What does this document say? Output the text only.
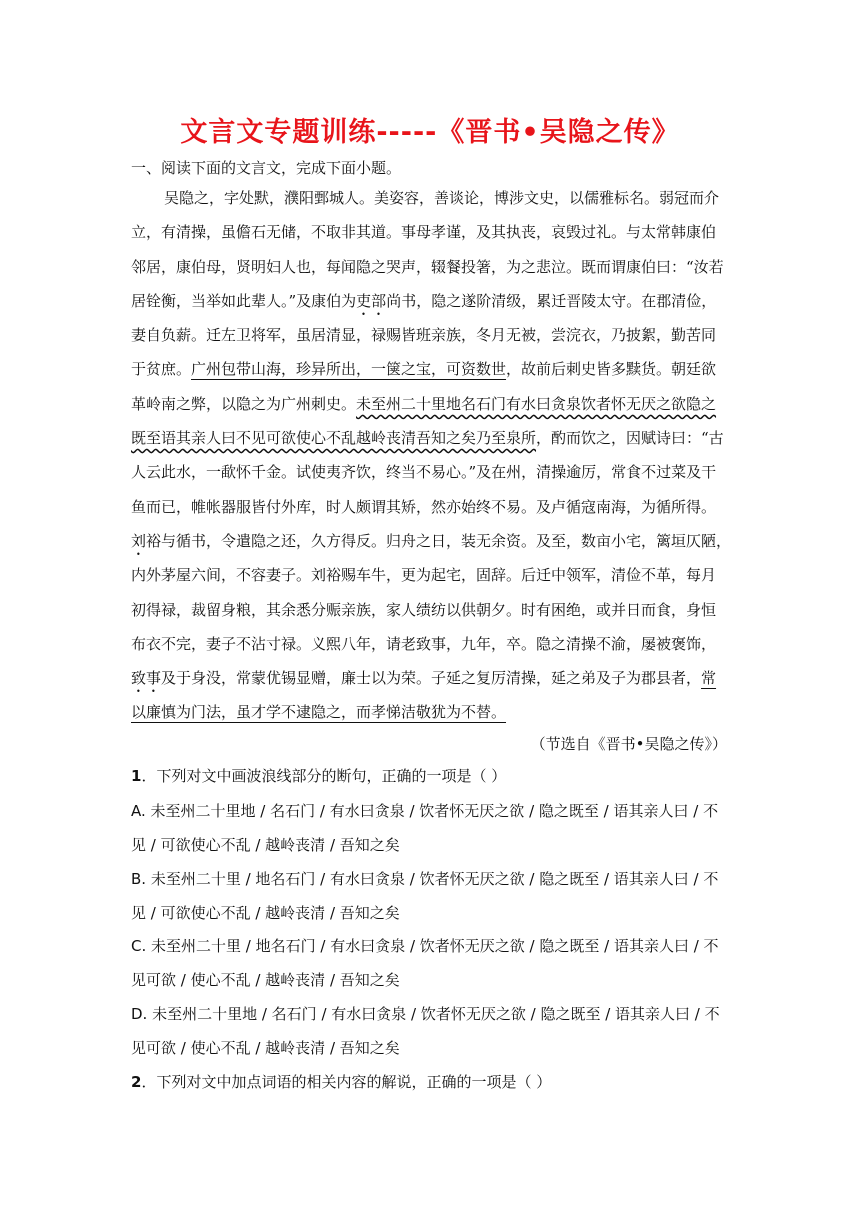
文言文专题训练-----《晋书•吴隐之传》
一、阅读下面的文言文，完成下面小题。
吴隐之，字处默，濮阳鄄城人。美姿容，善谈论，博涉文史，以儒雅标名。弱冠而介
立，有清操，虽儋石无储，不取非其道。事母孝谨，及其执丧，哀毁过礼。与太常韩康伯
邻居，康伯母，贤明妇人也，每闻隐之哭声，辍餐投箸，为之悲泣。既而谓康伯曰：“汝若
居铨衡，当举如此辈人。”及康伯为吏部尚书，隐之遂阶清级，累迁晋陵太守。在郡清俭，
妻自负薪。迁左卫将军，虽居清显，禄赐皆班亲族，冬月无被，尝浣衣，乃披絮，勤苦同
于贫庶。广州包带山海，珍异所出，一箧之宝，可资数世，故前后刺史皆多黩货。朝廷欲
革岭南之弊，以隐之为广州刺史。未至州二十里地名石门有水曰贪泉饮者怀无厌之欲隐之
既至语其亲人曰不见可欲使心不乱越岭丧清吾知之矣乃至泉所，酌而饮之，因赋诗曰：“古
人云此水，一歃怀千金。试使夷齐饮，终当不易心。”及在州，清操逾厉，常食不过菜及干
鱼而已，帷帐器服皆付外库，时人颇谓其矫，然亦始终不易。及卢循寇南海，为循所得。
刘裕与循书，令遣隐之还，久方得反。归舟之日，装无余资。及至，数亩小宅，篱垣仄陋，
内外茅屋六间，不容妻子。刘裕赐车牛，更为起宅，固辞。后迁中领军，清俭不革，每月
初得禄，裁留身粮，其余悉分赈亲族，家人绩纺以供朝夕。时有困绝，或并日而食，身恒
布衣不完，妻子不沾寸禄。义熙八年，请老致事，九年，卒。隐之清操不渝，屡被褒饰，
致事及于身没，常蒙优锡显赠，廉士以为荣。子延之复厉清操，延之弟及子为郡县者，常
以廉慎为门法，虽才学不逮隐之，而孝悌洁敬犹为不替。
（节选自《晋书•吴隐之传》）
1．下列对文中画波浪线部分的断句，正确的一项是（ ）
A. 未至州二十里地 / 名石门 / 有水曰贪泉 / 饮者怀无厌之欲 / 隐之既至 / 语其亲人曰 / 不
见 / 可欲使心不乱 / 越岭丧清 / 吾知之矣
B. 未至州二十里 / 地名石门 / 有水曰贪泉 / 饮者怀无厌之欲 / 隐之既至 / 语其亲人曰 / 不
见 / 可欲使心不乱 / 越岭丧清 / 吾知之矣
C. 未至州二十里 / 地名石门 / 有水曰贪泉 / 饮者怀无厌之欲 / 隐之既至 / 语其亲人曰 / 不
见可欲 / 使心不乱 / 越岭丧清 / 吾知之矣
D. 未至州二十里地 / 名石门 / 有水曰贪泉 / 饮者怀无厌之欲 / 隐之既至 / 语其亲人曰 / 不
见可欲 / 使心不乱 / 越岭丧清 / 吾知之矣
2．下列对文中加点词语的相关内容的解说，正确的一项是（ ）
